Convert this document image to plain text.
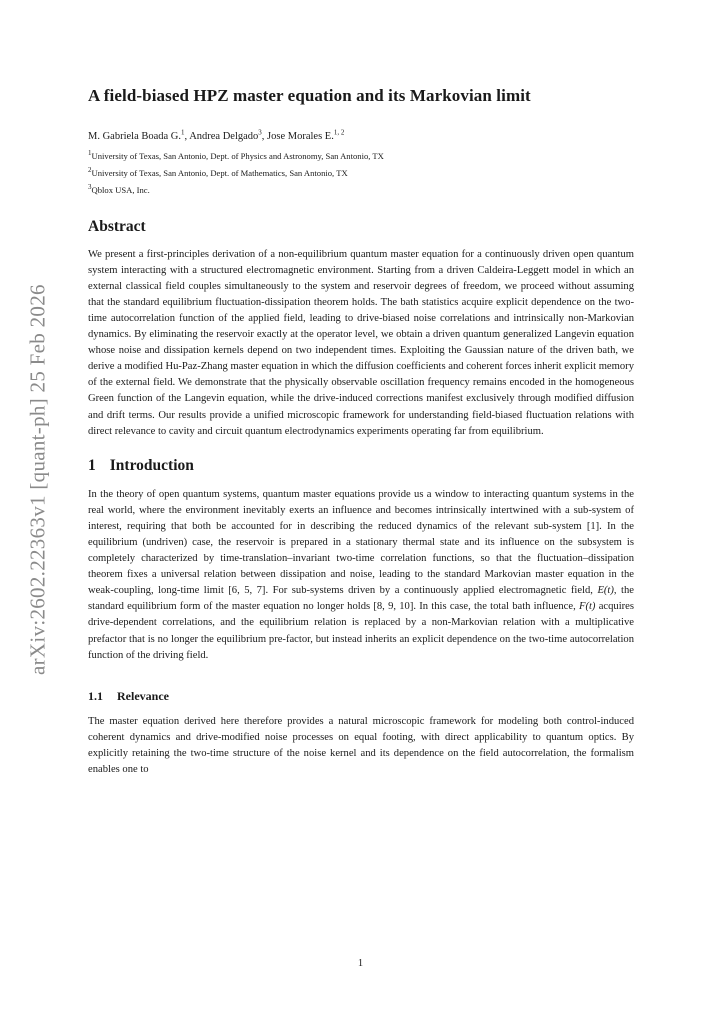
arXiv:2602.22363v1 [quant-ph] 25 Feb 2026
A field-biased HPZ master equation and its Markovian limit
M. Gabriela Boada G.$^1$, Andrea Delgado$^3$, Jose Morales E.$^{1, 2}$

$^1$University of Texas, San Antonio, Dept. of Physics and Astronomy, San Antonio, TX

$^2$University of Texas, San Antonio, Dept. of Mathematics, San Antonio, TX

$^3$Qblox USA, Inc.

Abstract

We present a first-principles derivation of a non-equilibrium quantum master equation for a continuously driven open quantum system interacting with a structured electromagnetic environment. Starting from a driven Caldeira-Leggett model in which an external classical field couples simultaneously to the system and reservoir degrees of freedom, we proceed without assuming that the standard equilibrium fluctuation-dissipation theorem holds. The bath statistics acquire explicit dependence on the two-time autocorrelation function of the applied field, leading to drive-biased noise correlations and intrinsically non-Markovian dynamics. By eliminating the reservoir exactly at the operator level, we obtain a driven quantum generalized Langevin equation whose noise and dissipation kernels depend on two independent times. Exploiting the Gaussian nature of the driven bath, we derive a modified Hu-Paz-Zhang master equation in which the diffusion coefficients and coherent forces inherit explicit memory of the external field. We demonstrate that the physically observable oscillation frequency remains encoded in the homogeneous Green function of the Langevin equation, while the drive-induced corrections manifest exclusively through modified diffusion and drift terms. Our results provide a unified microscopic framework for understanding field-biased fluctuation relations with direct relevance to cavity and circuit quantum electrodynamics experiments operating far from equilibrium.

1 Introduction

In the theory of open quantum systems, quantum master equations provide us a window to interacting quantum systems in the real world, where the environment inevitably exerts an influence and becomes intrinsically intertwined with a sub-system of interest, requiring that both be accounted for in describing the reduced dynamics of the relevant sub-system [1]. In the equilibrium (undriven) case, the reservoir is prepared in a stationary thermal state and its influence on the subsystem is completely characterized by time-translation–invariant two-time correlation functions, so that the fluctuation–dissipation theorem fixes a universal relation between dissipation and noise, leading to the standard Markovian master equation in the weak-coupling, long-time limit [6, 5, 7]. For sub-systems driven by a continuously applied electromagnetic field, E(t), the standard equilibrium form of the master equation no longer holds [8, 9, 10]. In this case, the total bath influence, F(t) acquires drive-dependent correlations, and the equilibrium relation is replaced by a non-Markovian relation with a multiplicative prefactor that is no longer the equilibrium pre-factor, but instead inherits an explicit dependence on the two-time autocorrelation function of the driving field.

1.1 Relevance

The master equation derived here therefore provides a natural microscopic framework for modeling both control-induced coherent dynamics and drive-modified noise processes on equal footing, with direct applicability to quantum optics. By explicitly retaining the two-time structure of the noise kernel and its dependence on the field autocorrelation, the formalism enables one to

1
